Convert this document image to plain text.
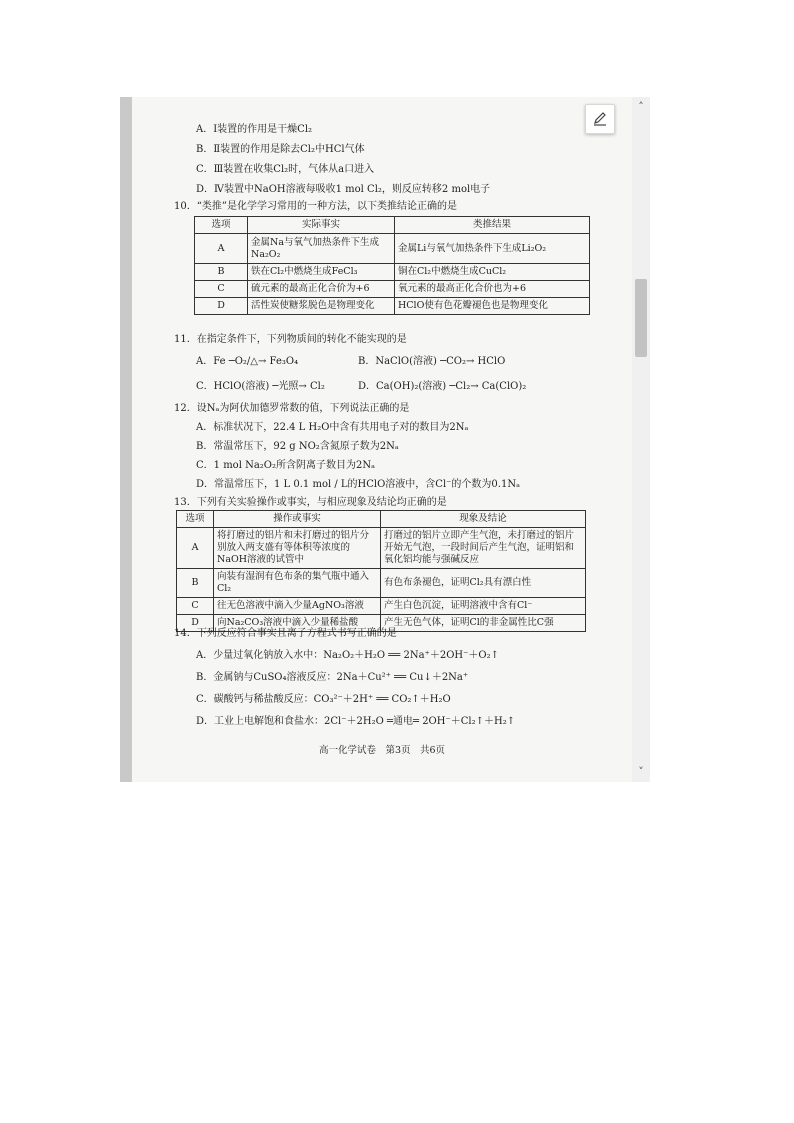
A．Ⅰ装置的作用是干燥Cl₂
B．Ⅱ装置的作用是除去Cl₂中HCl气体
C．Ⅲ装置在收集Cl₂时，气体从a口进入
D．Ⅳ装置中NaOH溶液每吸收1 mol Cl₂，则反应转移2 mol电子
10．“类推”是化学学习常用的一种方法，以下类推结论正确的是
选项	实际事实	类推结果
A	金属Na与氧气加热条件下生成Na₂O₂	金属Li与氧气加热条件下生成Li₂O₂
B	铁在Cl₂中燃烧生成FeCl₃	铜在Cl₂中燃烧生成CuCl₂
C	硫元素的最高正化合价为+6	氧元素的最高正化合价也为+6
D	活性炭使糖浆脱色是物理变化	HClO使有色花瓣褪色也是物理变化
11．在指定条件下，下列物质间的转化不能实现的是
A．Fe ─O₂/△→ Fe₃O₄	B．NaClO(溶液) ─CO₂→ HClO
C．HClO(溶液) ─光照→ Cl₂	D．Ca(OH)₂(溶液) ─Cl₂→ Ca(ClO)₂
12．设Nₐ为阿伏加德罗常数的值，下列说法正确的是
A．标准状况下，22.4 L H₂O中含有共用电子对的数目为2Nₐ
B．常温常压下，92 g NO₂含氮原子数为2Nₐ
C．1 mol Na₂O₂所含阴离子数目为2Nₐ
D．常温常压下，1 L 0.1 mol / L的HClO溶液中，含Cl⁻的个数为0.1Nₐ
13．下列有关实验操作或事实，与相应现象及结论均正确的是
选项	操作或事实	现象及结论
A	将打磨过的铝片和未打磨过的铝片分别放入两支盛有等体积等浓度的NaOH溶液的试管中	打磨过的铝片立即产生气泡，未打磨过的铝片开始无气泡，一段时间后产生气泡，证明铝和氧化铝均能与强碱反应
B	向装有湿润有色布条的集气瓶中通入Cl₂	有色布条褪色，证明Cl₂具有漂白性
C	往无色溶液中滴入少量AgNO₃溶液	产生白色沉淀，证明溶液中含有Cl⁻
D	向Na₂CO₃溶液中滴入少量稀盐酸	产生无色气体，证明Cl的非金属性比C强
14．下列反应符合事实且离子方程式书写正确的是
A．少量过氧化钠放入水中：Na₂O₂＋H₂O ══ 2Na⁺＋2OH⁻＋O₂↑
B．金属钠与CuSO₄溶液反应：2Na＋Cu²⁺ ══ Cu↓＋2Na⁺
C．碳酸钙与稀盐酸反应：CO₃²⁻＋2H⁺ ══ CO₂↑＋H₂O
D．工业上电解饱和食盐水：2Cl⁻＋2H₂O ═通电═ 2OH⁻＋Cl₂↑＋H₂↑
高一化学试卷　第3页　共6页
˄
˅
